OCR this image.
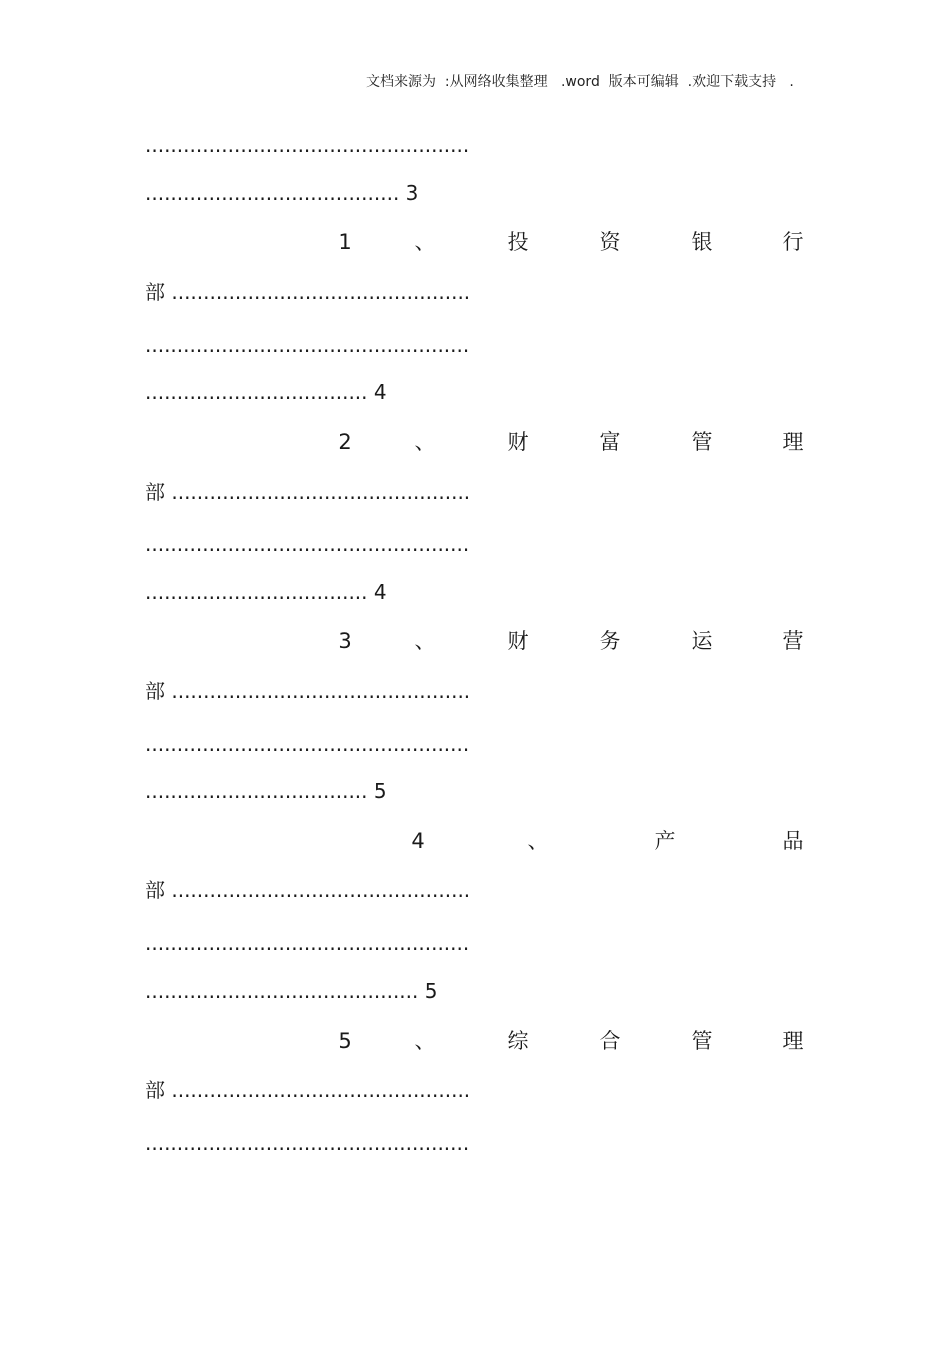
文档来源为  :从网络收集整理   .word  版本可编辑  .欢迎下载支持   .
...................................................
........................................ 3
1	、	投	资	银	行
部 ...............................................
...................................................
................................... 4
2	、	财	富	管	理
部 ...............................................
...................................................
................................... 4
3	、	财	务	运	营
部 ...............................................
...................................................
................................... 5
4	、	产	品
部 ...............................................
...................................................
........................................... 5
5	、	综	合	管	理
部 ...............................................
...................................................
